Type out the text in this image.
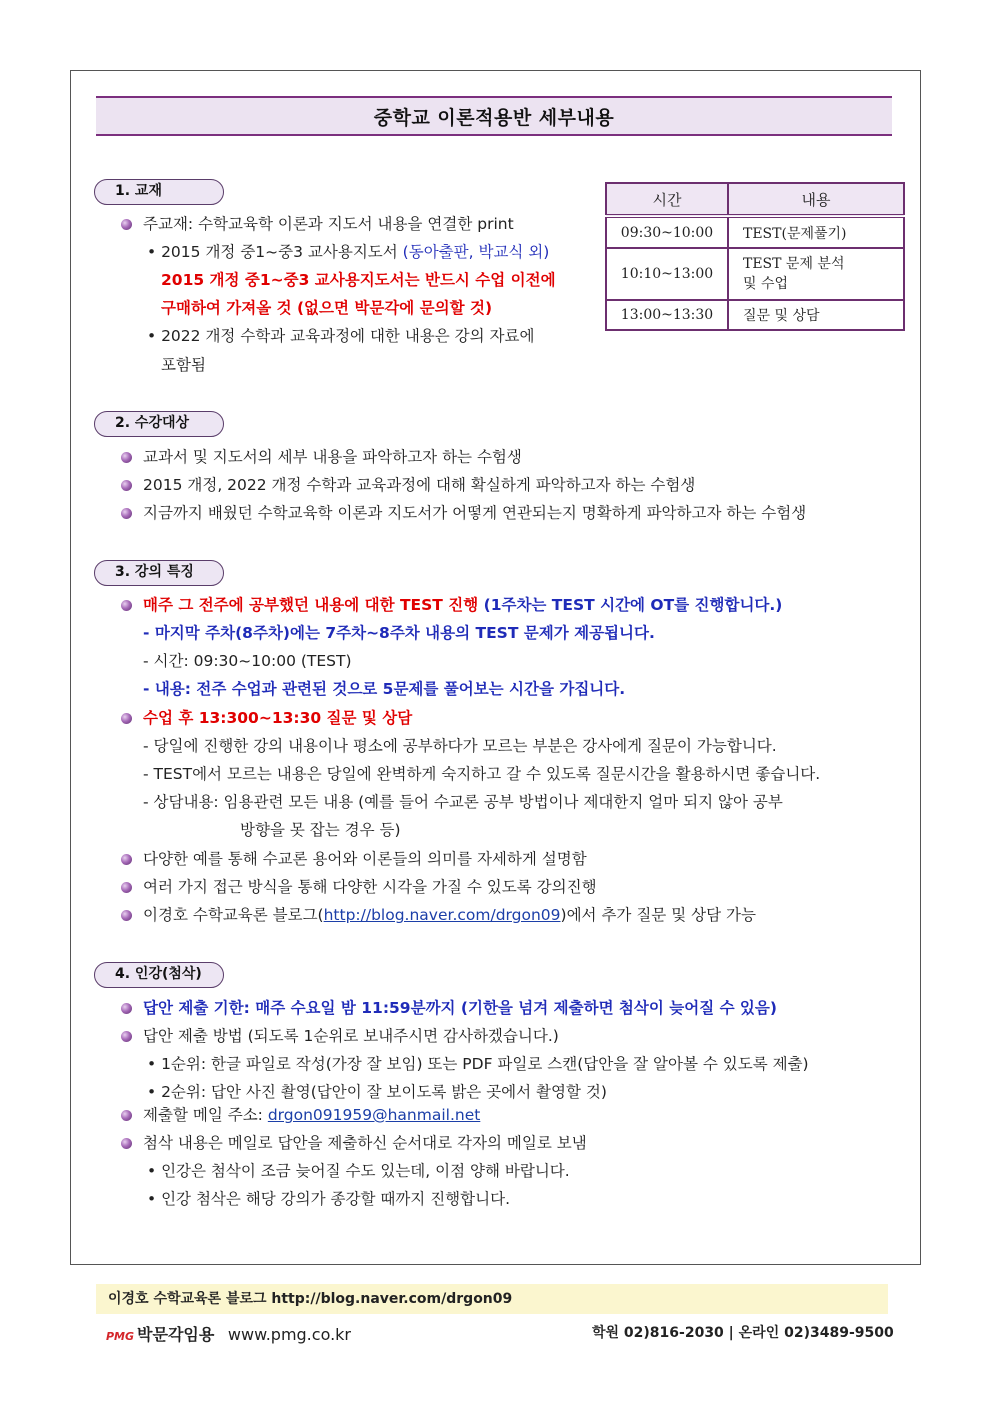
중학교 이론적용반 세부내용
시간	내용
09:30~10:00	TEST(문제풀기)
10:10~13:00	TEST 문제 분석
및 수업
13:00~13:30	질문 및 상담
1. 교재
주교재: 수학교육학 이론과 지도서 내용을 연결한 print
• 2015 개정 중1~중3 교사용지도서 (동아출판, 박교식 외)
2015 개정 중1~중3 교사용지도서는 반드시 수업 이전에
구매하여 가져올 것 (없으면 박문각에 문의할 것)
• 2022 개정 수학과 교육과정에 대한 내용은 강의 자료에
포함됨
2. 수강대상
교과서 및 지도서의 세부 내용을 파악하고자 하는 수험생
2015 개정, 2022 개정 수학과 교육과정에 대해 확실하게 파악하고자 하는 수험생
지금까지 배웠던 수학교육학 이론과 지도서가 어떻게 연관되는지 명확하게 파악하고자 하는 수험생
3. 강의 특징
매주 그 전주에 공부했던 내용에 대한 TEST 진행 (1주차는 TEST 시간에 OT를 진행합니다.)
- 마지막 주차(8주차)에는 7주차~8주차 내용의 TEST 문제가 제공됩니다.
- 시간: 09:30~10:00 (TEST)
- 내용: 전주 수업과 관련된 것으로 5문제를 풀어보는 시간을 가집니다.
수업 후 13:300~13:30 질문 및 상담
- 당일에 진행한 강의 내용이나 평소에 공부하다가 모르는 부분은 강사에게 질문이 가능합니다.
- TEST에서 모르는 내용은 당일에 완벽하게 숙지하고 갈 수 있도록 질문시간을 활용하시면 좋습니다.
- 상담내용: 임용관련 모든 내용 (예를 들어 수교론 공부 방법이나 제대한지 얼마 되지 않아 공부
방향을 못 잡는 경우 등)
다양한 예를 통해 수교론 용어와 이론들의 의미를 자세하게 설명함
여러 가지 접근 방식을 통해 다양한 시각을 가질 수 있도록 강의진행
이경호 수학교육론 블로그(http://blog.naver.com/drgon09)에서 추가 질문 및 상담 가능
4. 인강(첨삭)
답안 제출 기한: 매주 수요일 밤 11:59분까지 (기한을 넘겨 제출하면 첨삭이 늦어질 수 있음)
답안 제출 방법 (되도록 1순위로 보내주시면 감사하겠습니다.)
• 1순위: 한글 파일로 작성(가장 잘 보임) 또는 PDF 파일로 스캔(답안을 잘 알아볼 수 있도록 제출)
• 2순위: 답안 사진 촬영(답안이 잘 보이도록 밝은 곳에서 촬영할 것)
제출할 메일 주소: drgon091959@hanmail.net
첨삭 내용은 메일로 답안을 제출하신 순서대로 각자의 메일로 보냄
• 인강은 첨삭이 조금 늦어질 수도 있는데, 이점 양해 바랍니다.
• 인강 첨삭은 해당 강의가 종강할 때까지 진행합니다.
이경호 수학교육론 블로그 http://blog.naver.com/drgon09
PMG 박문각임용 www.pmg.co.kr	학원 02)816-2030 | 온라인 02)3489-9500
